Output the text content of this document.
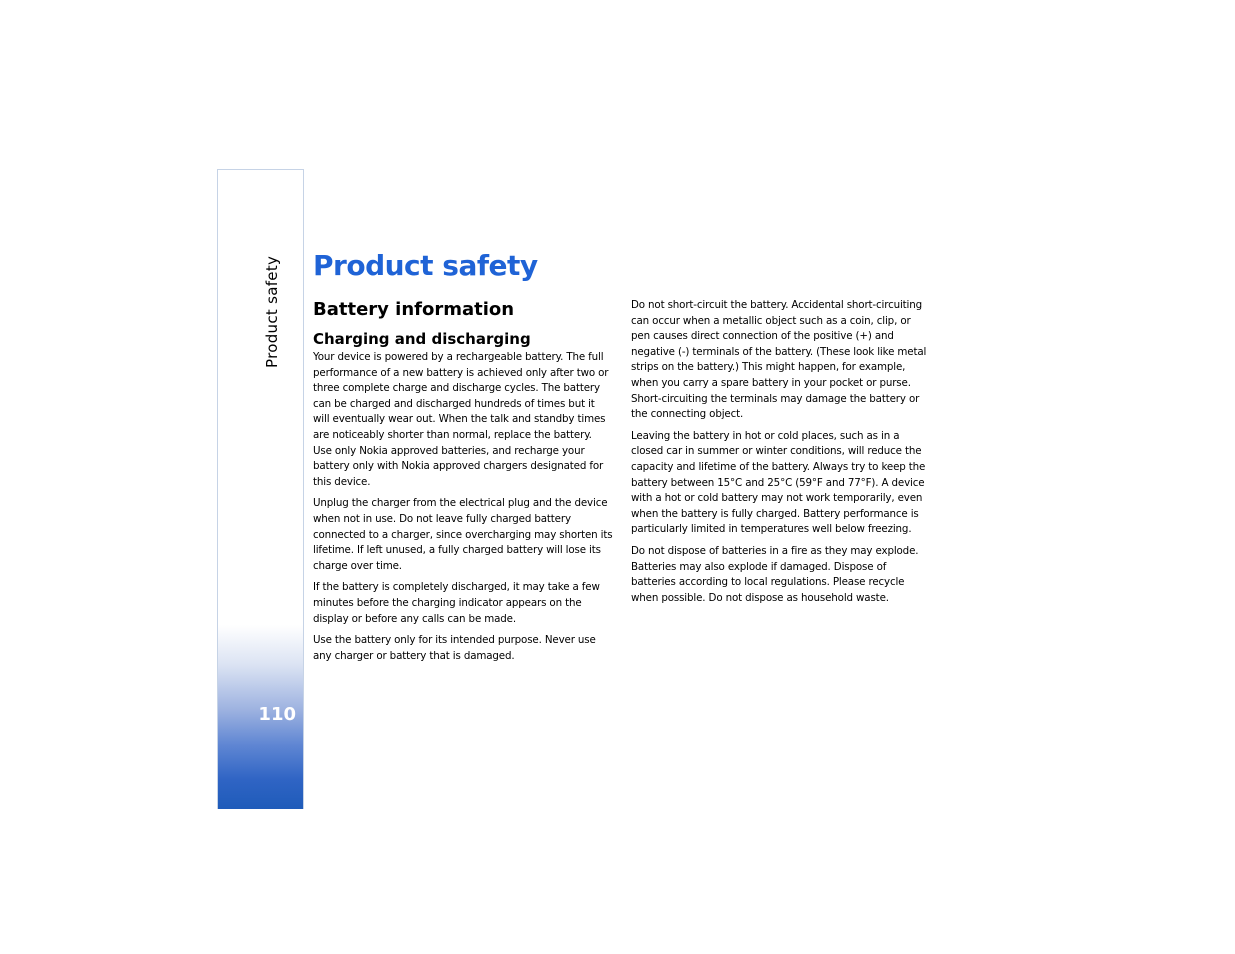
Product safety
110
Product safety
Battery information
Charging and discharging

Your device is powered by a rechargeable battery. The full performance of a new battery is achieved only after two or three complete charge and discharge cycles. The battery can be charged and discharged hundreds of times but it will eventually wear out. When the talk and standby times are noticeably shorter than normal, replace the battery. Use only Nokia approved batteries, and recharge your battery only with Nokia approved chargers designated for this device.

Unplug the charger from the electrical plug and the device when not in use. Do not leave fully charged battery connected to a charger, since overcharging may shorten its lifetime. If left unused, a fully charged battery will lose its charge over time.

If the battery is completely discharged, it may take a few minutes before the charging indicator appears on the display or before any calls can be made.

Use the battery only for its intended purpose. Never use any charger or battery that is damaged.

Do not short-circuit the battery. Accidental short-circuiting can occur when a metallic object such as a coin, clip, or pen causes direct connection of the positive (+) and negative (-) terminals of the battery. (These look like metal strips on the battery.) This might happen, for example, when you carry a spare battery in your pocket or purse. Short-circuiting the terminals may damage the battery or the connecting object.

Leaving the battery in hot or cold places, such as in a closed car in summer or winter conditions, will reduce the capacity and lifetime of the battery. Always try to keep the battery between 15°C and 25°C (59°F and 77°F). A device with a hot or cold battery may not work temporarily, even when the battery is fully charged. Battery performance is particularly limited in temperatures well below freezing.

Do not dispose of batteries in a fire as they may explode. Batteries may also explode if damaged. Dispose of batteries according to local regulations. Please recycle when possible. Do not dispose as household waste.
